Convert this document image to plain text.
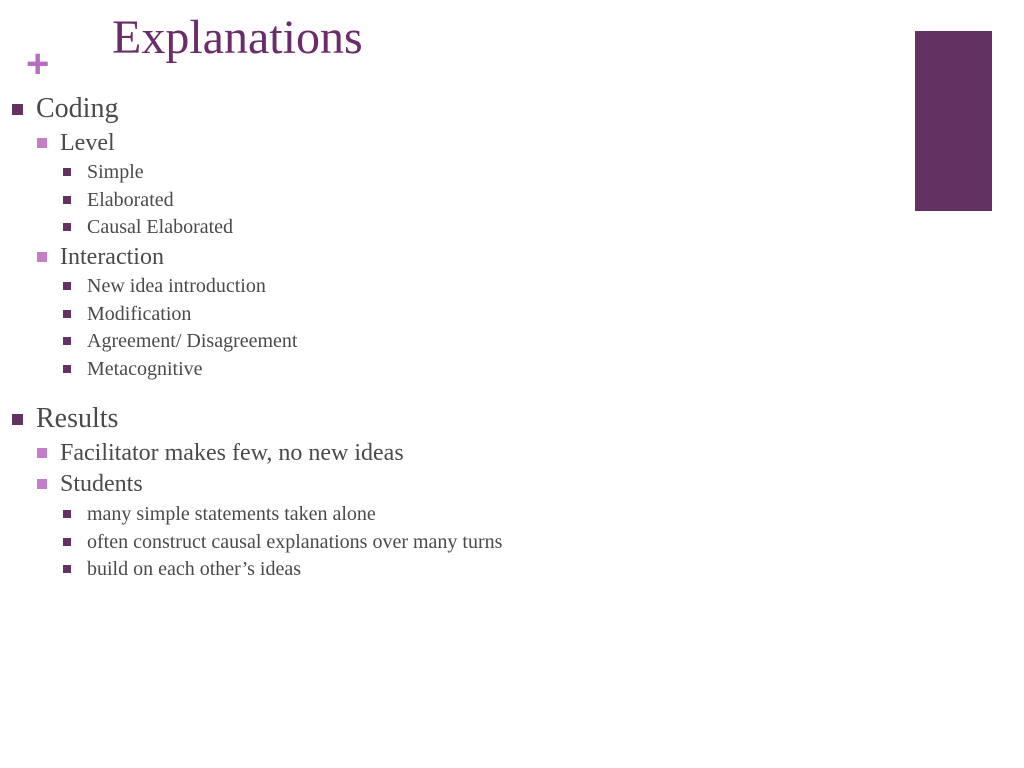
+ Explanations
Coding
Level
Simple
Elaborated
Causal Elaborated
Interaction
New idea introduction
Modification
Agreement/ Disagreement
Metacognitive
Results
Facilitator makes few, no new ideas
Students
many simple statements taken alone
often construct causal explanations over many turns
build on each other’s ideas
